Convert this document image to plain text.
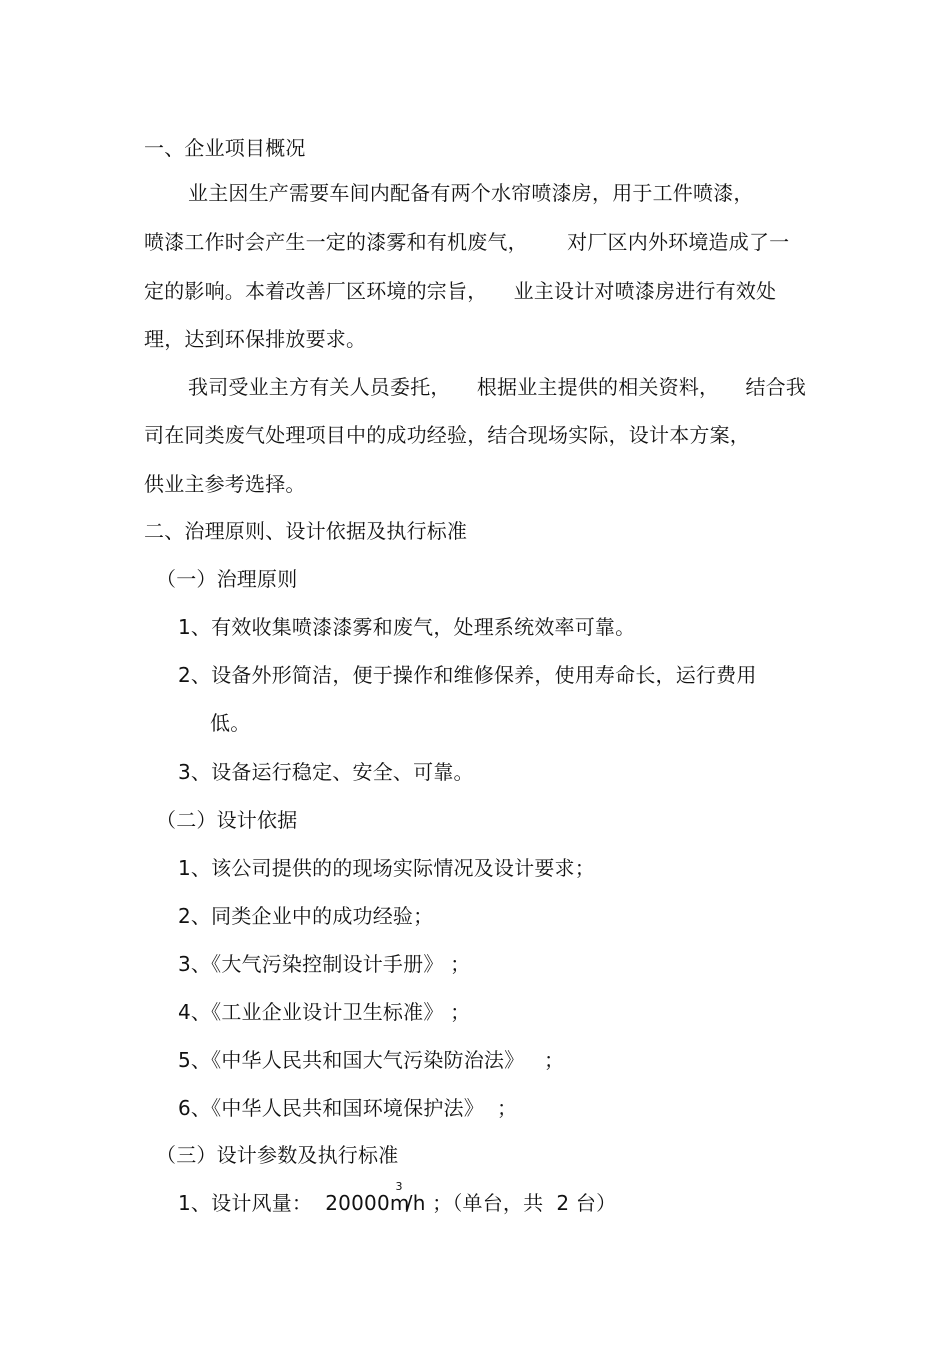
一、企业项目概况
业主因生产需要车间内配备有两个水帘喷漆房，用于工件喷漆，
喷漆工作时会产生一定的漆雾和有机废气，      对厂区内外环境造成了一
定的影响。本着改善厂区环境的宗旨，    业主设计对喷漆房进行有效处
理，达到环保排放要求。
我司受业主方有关人员委托，    根据业主提供的相关资料，    结合我
司在同类废气处理项目中的成功经验，结合现场实际，设计本方案，
供业主参考选择。
二、治理原则、设计依据及执行标准
（一）治理原则
1、有效收集喷漆漆雾和废气，处理系统效率可靠。
2、设备外形简洁，便于操作和维修保养，使用寿命长，运行费用
低。
3、设备运行稳定、安全、可靠。
（二）设计依据
1、该公司提供的的现场实际情况及设计要求；
2、同类企业中的成功经验；
3、《大气污染控制设计手册》 ；
4、《工业企业设计卫生标准》 ；
5、《中华人民共和国大气污染防治法》   ；
6、《中华人民共和国环境保护法》  ；
（三）设计参数及执行标准
1、设计风量：  $20000m^3/h$ ；（单台，共  2 台）
